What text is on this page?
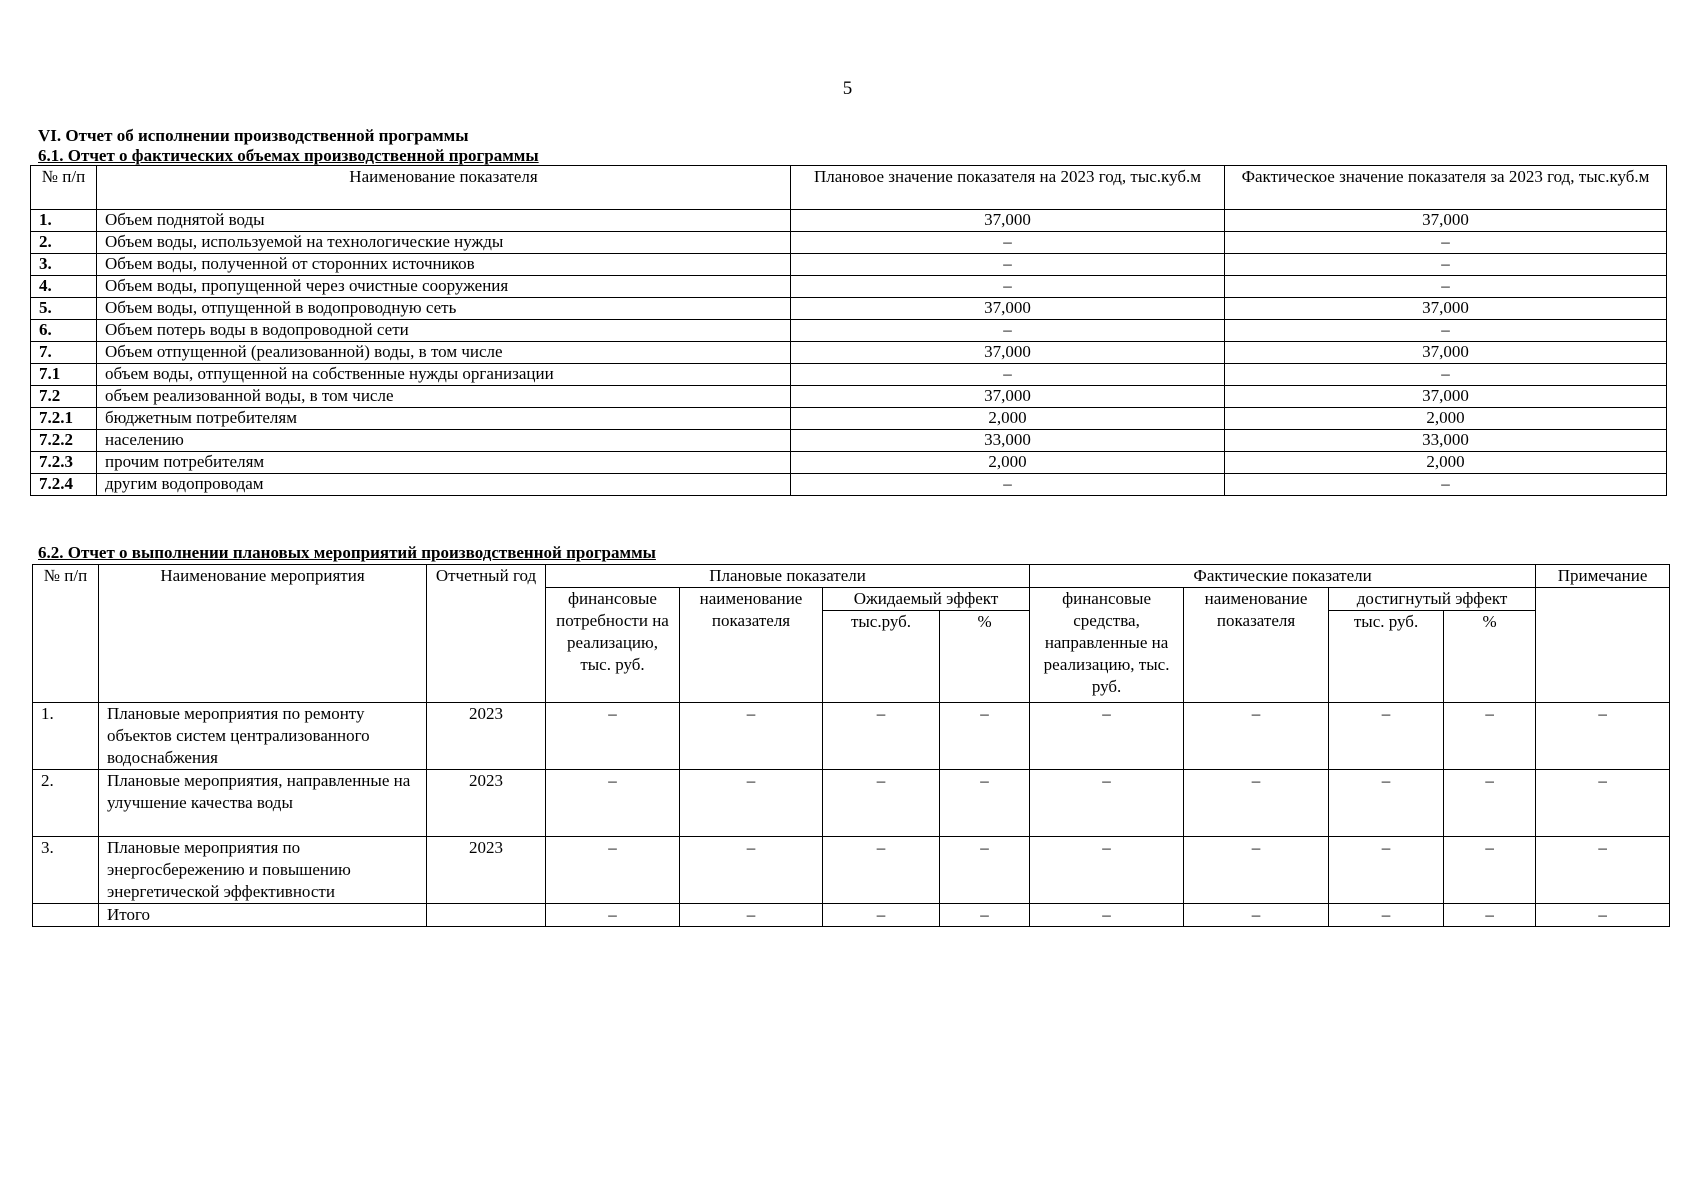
5
VI. Отчет об исполнении производственной программы
6.1. Отчет о фактических объемах производственной программы
№ п/п	Наименование показателя	Плановое значение показателя на 2023 год, тыс.куб.м	Фактическое значение показателя за 2023 год, тыс.куб.м
1.	Объем поднятой воды	37,000	37,000
2.	Объем воды, используемой на технологические нужды	–	–
3.	Объем воды, полученной от сторонних источников	–	–
4.	Объем воды, пропущенной через очистные сооружения	–	–
5.	Объем воды, отпущенной в водопроводную сеть	37,000	37,000
6.	Объем потерь воды в водопроводной сети	–	–
7.	Объем отпущенной (реализованной) воды, в том числе	37,000	37,000
7.1	объем воды, отпущенной на собственные нужды организации	–	–
7.2	объем реализованной воды, в том числе	37,000	37,000
7.2.1	бюджетным потребителям	2,000	2,000
7.2.2	населению	33,000	33,000
7.2.3	прочим потребителям	2,000	2,000
7.2.4	другим водопроводам	–	–
6.2. Отчет о выполнении плановых мероприятий производственной программы
№ п/п	Наименование мероприятия	Отчетный год	Плановые показатели				Фактические показатели				Примечание
			финансовые потребности на реализацию, тыс. руб.	наименование показателя	Ожидаемый эффект		финансовые средства, направленные на реализацию, тыс. руб.	наименование показателя	достигнутый эффект		
					тыс.руб.	%			тыс. руб.	%	
1.	Плановые мероприятия по ремонту объектов систем централизованного водоснабжения	2023	–	–	–	–	–	–	–	–	–
2.	Плановые мероприятия, направленные на улучшение качества воды	2023	–	–	–	–	–	–	–	–	–
3.	Плановые мероприятия по энергосбережению и повышению энергетической эффективности	2023	–	–	–	–	–	–	–	–	–
	Итого		–	–	–	–	–	–	–	–	–
